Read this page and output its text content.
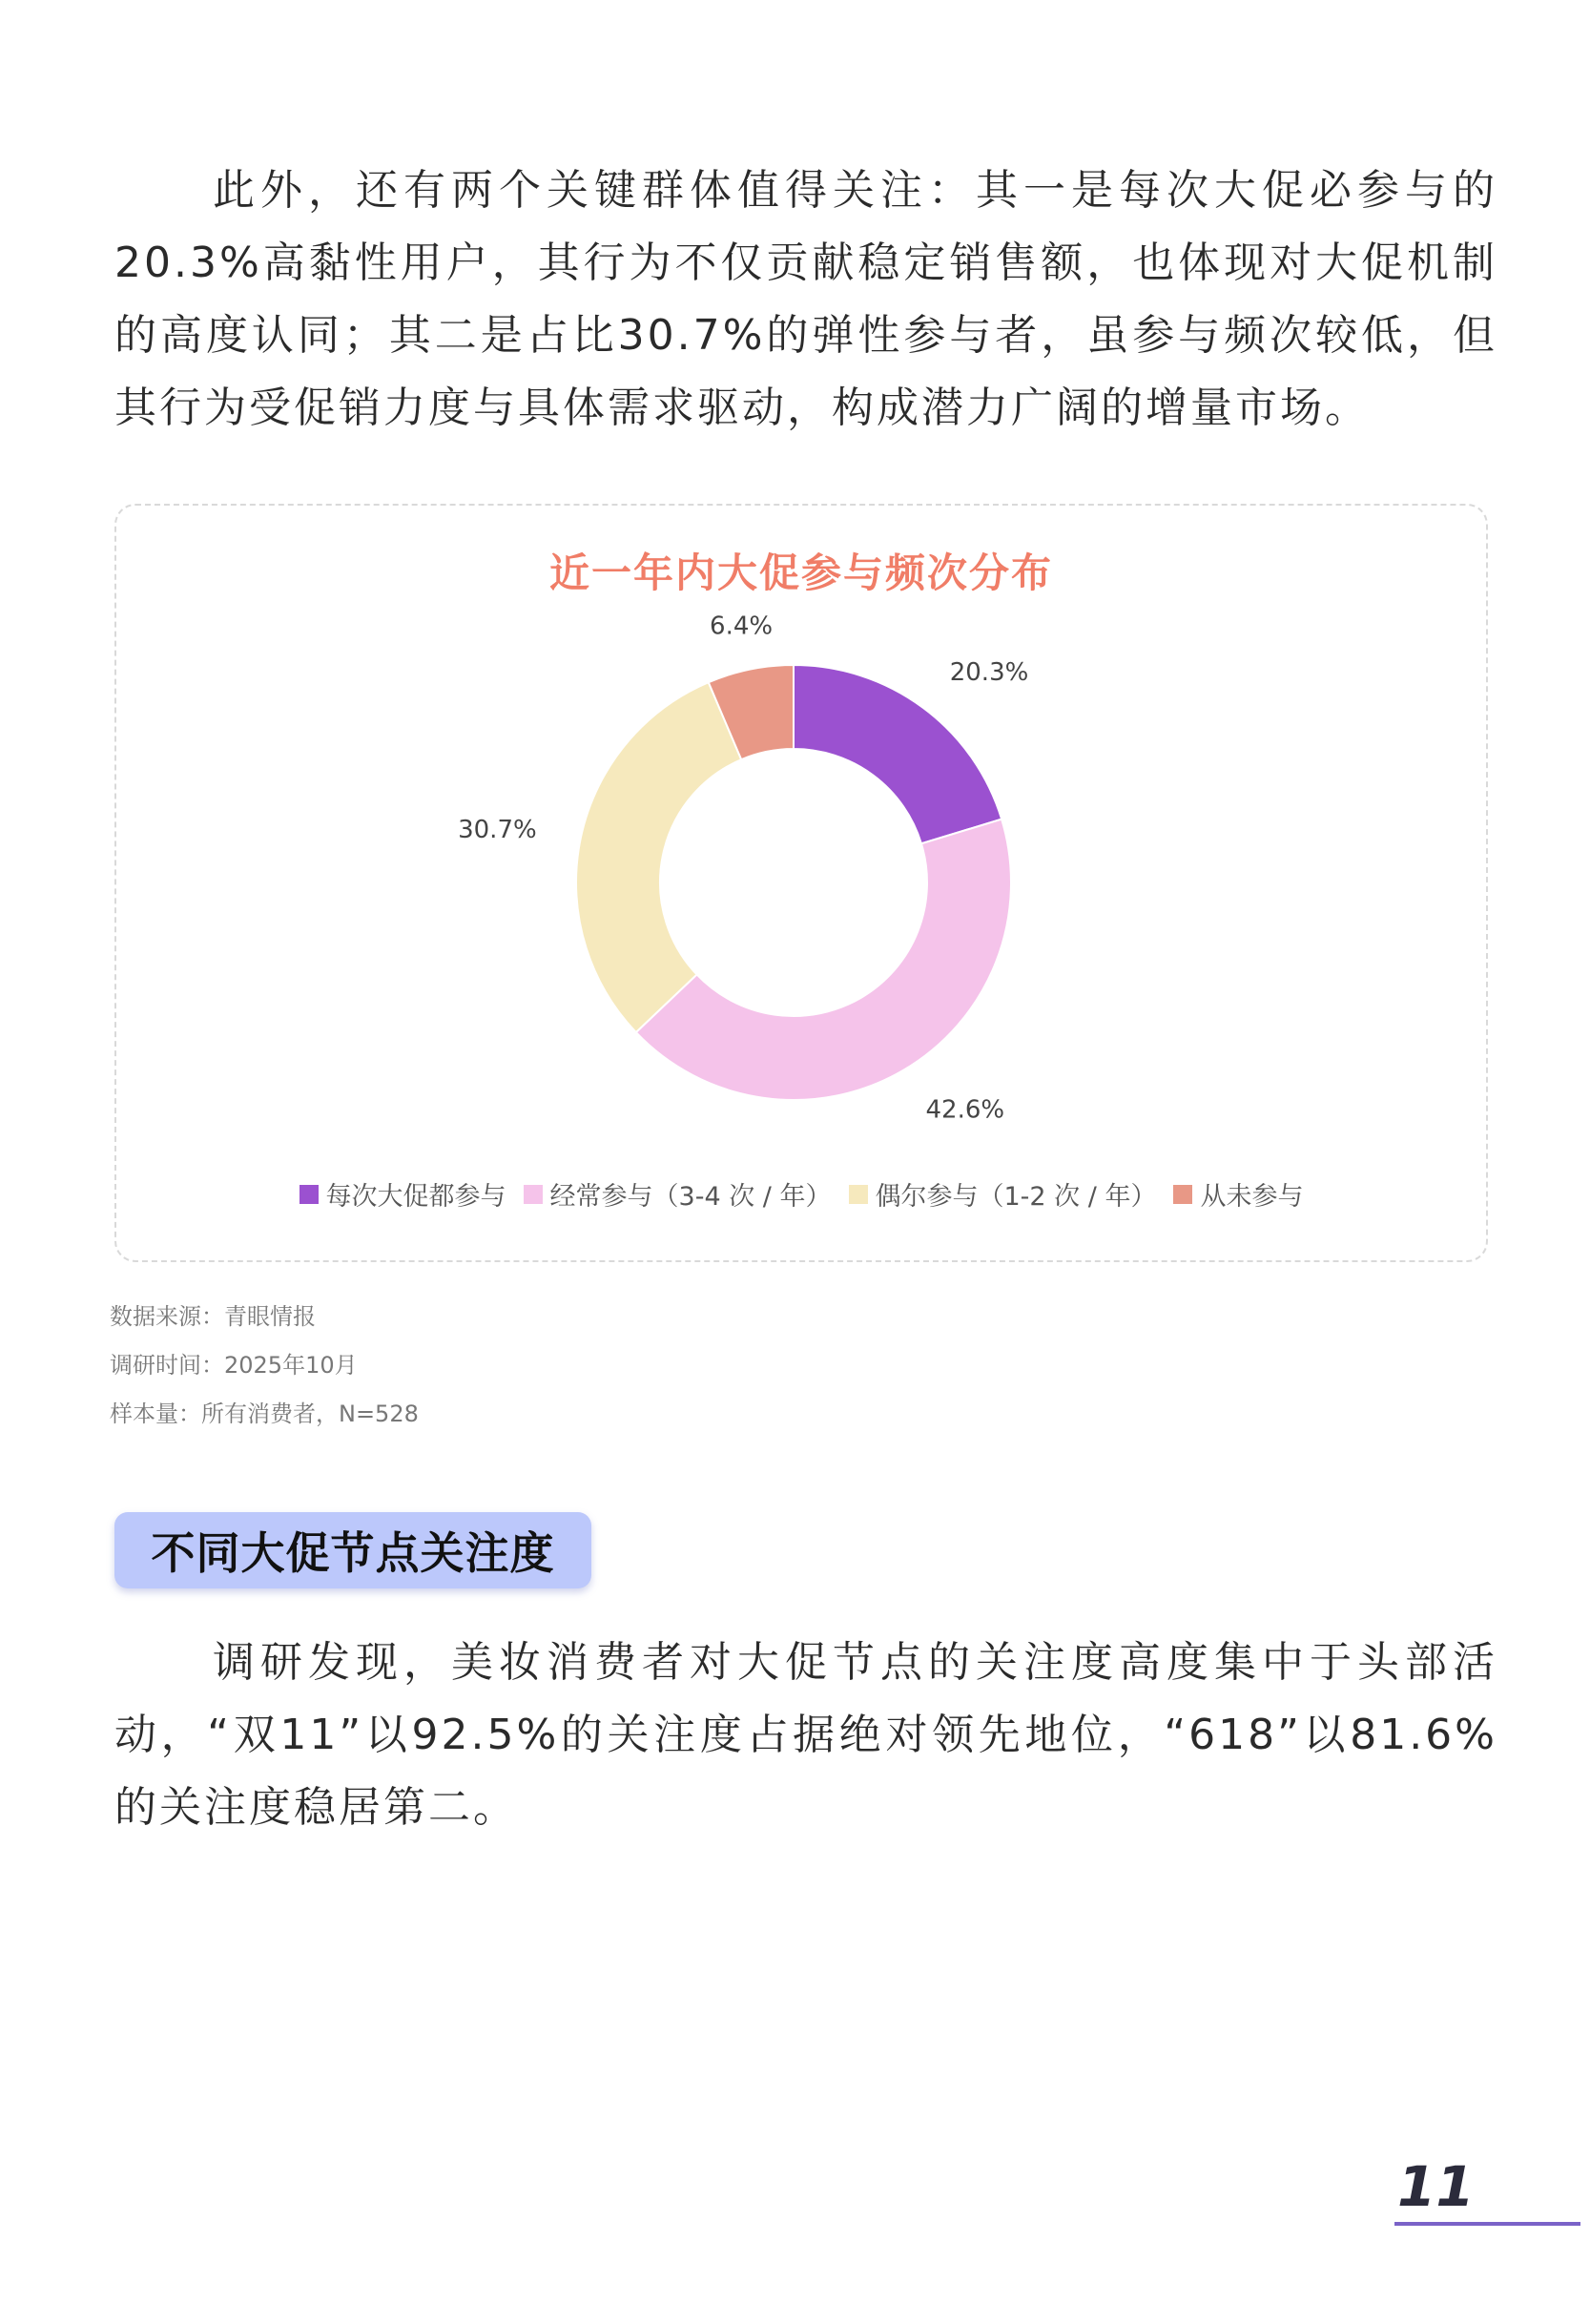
此外，还有两个关键群体值得关注：其一是每次大促必参与的20.3%高黏性用户，其行为不仅贡献稳定销售额，也体现对大促机制的高度认同；其二是占比30.7%的弹性参与者，虽参与频次较低，但其行为受促销力度与具体需求驱动，构成潜力广阔的增量市场。

近一年内大促参与频次分布
20.3%
42.6%
30.7%
6.4%
每次大促都参与 经常参与（3-4 次 / 年） 偶尔参与（1-2 次 / 年） 从未参与

数据来源：青眼情报

调研时间：2025年10月

样本量：所有消费者，N=528

不同大促节点关注度

调研发现，美妆消费者对大促节点的关注度高度集中于头部活动，“双11”以92.5%的关注度占据绝对领先地位，“618”以81.6%的关注度稳居第二。

11
